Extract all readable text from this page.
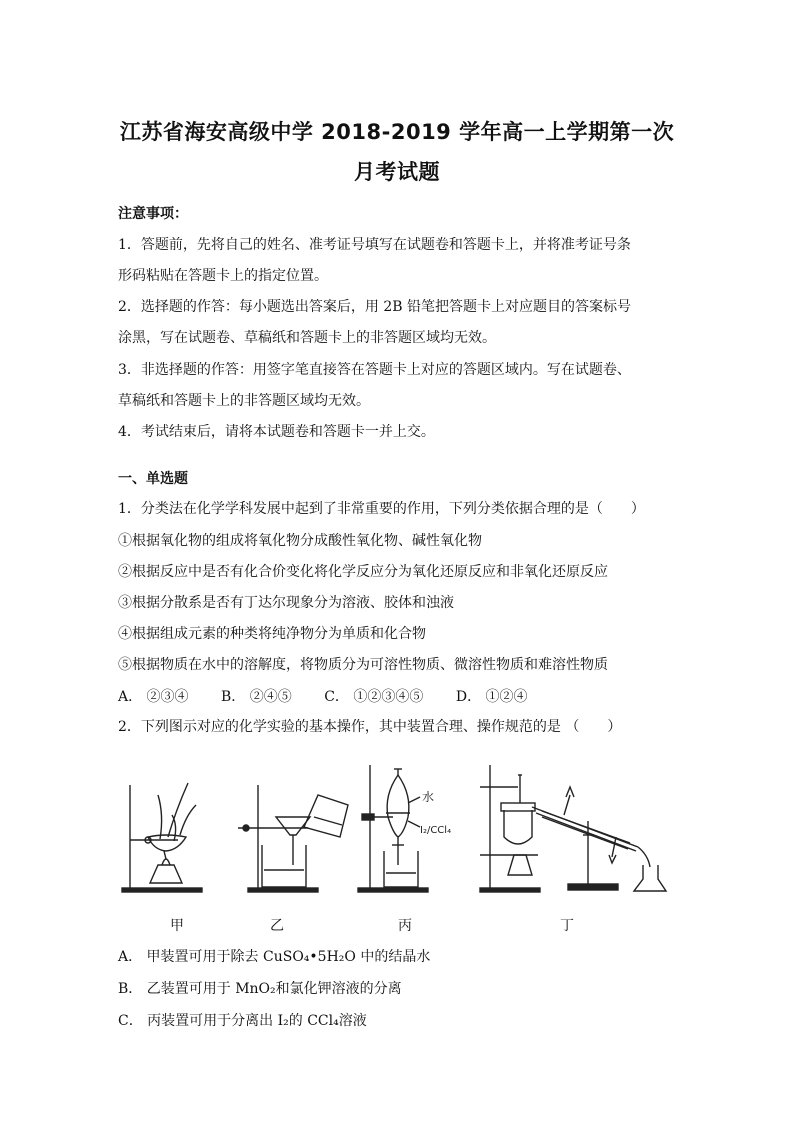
江苏省海安高级中学 2018-2019 学年高一上学期第一次
月考试题
注意事项：
1．答题前，先将自己的姓名、准考证号填写在试题卷和答题卡上，并将准考证号条
形码粘贴在答题卡上的指定位置。
2．选择题的作答：每小题选出答案后，用 2B 铅笔把答题卡上对应题目的答案标号
涂黑，写在试题卷、草稿纸和答题卡上的非答题区域均无效。
3．非选择题的作答：用签字笔直接答在答题卡上对应的答题区域内。写在试题卷、
草稿纸和答题卡上的非答题区域均无效。
4．考试结束后，请将本试题卷和答题卡一并上交。
一、单选题
1．分类法在化学学科发展中起到了非常重要的作用，下列分类依据合理的是（　　）
①根据氧化物的组成将氧化物分成酸性氧化物、碱性氧化物
②根据反应中是否有化合价变化将化学反应分为氧化还原反应和非氧化还原反应
③根据分散系是否有丁达尔现象分为溶液、胶体和浊液
④根据组成元素的种类将纯净物分为单质和化合物
⑤根据物质在水中的溶解度，将物质分为可溶性物质、微溶性物质和难溶性物质
A． ②③④ B． ②④⑤ C． ①②③④⑤ D． ①②④
2．下列图示对应的化学实验的基本操作，其中装置合理、操作规范的是 （　　）
水
I₂/CCl₄
甲	乙	丙	丁
A． 甲装置可用于除去 CuSO₄•5H₂O 中的结晶水
B． 乙装置可用于 MnO₂和氯化钾溶液的分离
C． 丙装置可用于分离出 I₂的 CCl₄溶液
